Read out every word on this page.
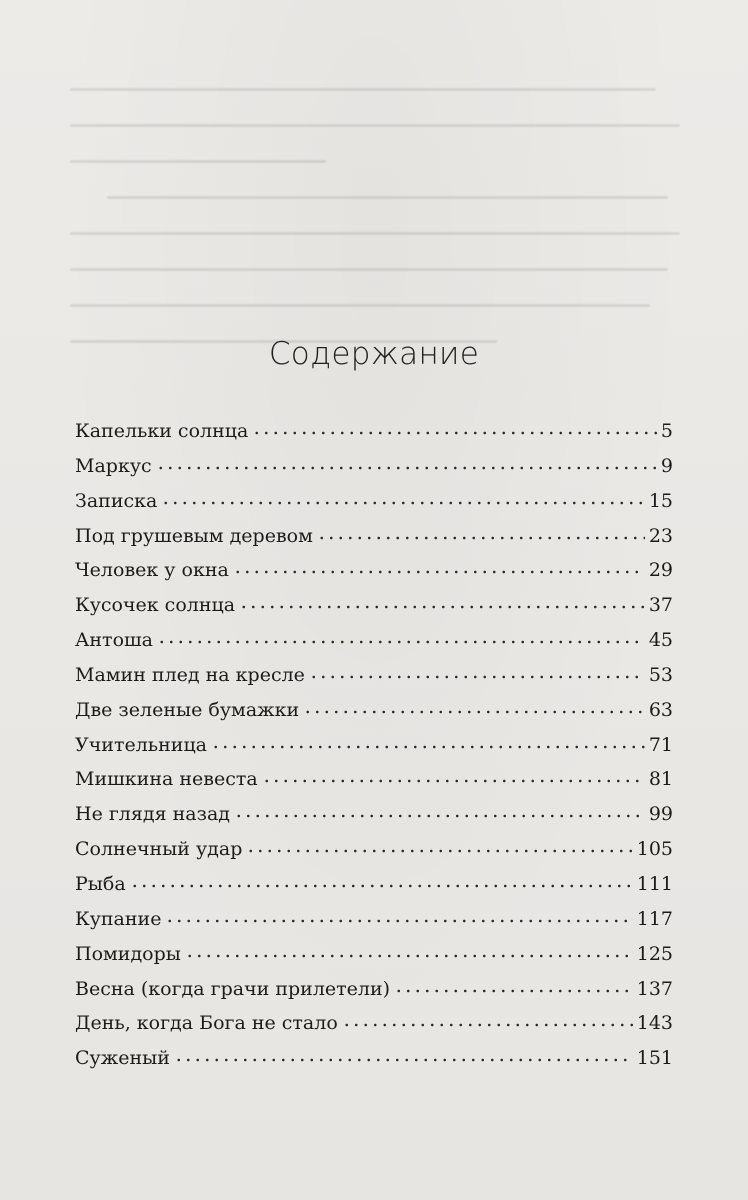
Содержание
Капельки солнца	5
Маркус	9
Записка	15
Под грушевым деревом	23
Человек у окна	29
Кусочек солнца	37
Антоша	45
Мамин плед на кресле	53
Две зеленые бумажки	63
Учительница	71
Мишкина невеста	81
Не глядя назад	99
Солнечный удар	105
Рыба	111
Купание	117
Помидоры	125
Весна (когда грачи прилетели)	137
День, когда Бога не стало	143
Суженый	151
